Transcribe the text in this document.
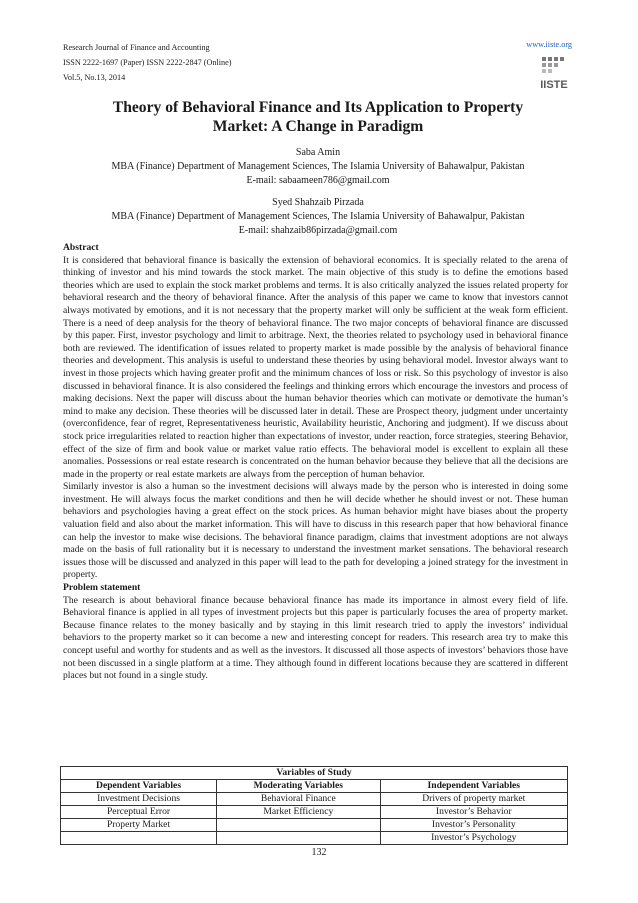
Research Journal of Finance and Accounting
ISSN 2222-1697 (Paper) ISSN 2222-2847 (Online)
Vol.5, No.13, 2014
www.iiste.org
IISTE
Theory of Behavioral Finance and Its Application to Property
Market: A Change in Paradigm
Saba Amin
MBA (Finance) Department of Management Sciences, The Islamia University of Bahawalpur, Pakistan
E-mail: sabaameen786@gmail.com
Syed Shahzaib Pirzada
MBA (Finance) Department of Management Sciences, The Islamia University of Bahawalpur, Pakistan
E-mail: shahzaib86pirzada@gmail.com
Abstract
It is considered that behavioral finance is basically the extension of behavioral economics. It is specially related to the arena of thinking of investor and his mind towards the stock market. The main objective of this study is to define the emotions based theories which are used to explain the stock market problems and terms. It is also critically analyzed the issues related property for behavioral research and the theory of behavioral finance. After the analysis of this paper we came to know that investors cannot always motivated by emotions, and it is not necessary that the property market will only be sufficient at the weak form efficient. There is a need of deep analysis for the theory of behavioral finance. The two major concepts of behavioral finance are discussed by this paper. First, investor psychology and limit to arbitrage. Next, the theories related to psychology used in behavioral finance both are reviewed. The identification of issues related to property market is made possible by the analysis of behavioral finance theories and development. This analysis is useful to understand these theories by using behavioral model. Investor always want to invest in those projects which having greater profit and the minimum chances of loss or risk. So this psychology of investor is also discussed in behavioral finance. It is also considered the feelings and thinking errors which encourage the investors and process of making decisions. Next the paper will discuss about the human behavior theories which can motivate or demotivate the human’s mind to make any decision. These theories will be discussed later in detail. These are Prospect theory, judgment under uncertainty (overconfidence, fear of regret, Representativeness heuristic, Availability heuristic, Anchoring and judgment). If we discuss about stock price irregularities related to reaction higher than expectations of investor, under reaction, force strategies, steering Behavior, effect of the size of firm and book value or market value ratio effects. The behavioral model is excellent to explain all these anomalies. Possessions or real estate research is concentrated on the human behavior because they believe that all the decisions are made in the property or real estate markets are always from the perception of human behavior.
Similarly investor is also a human so the investment decisions will always made by the person who is interested in doing some investment. He will always focus the market conditions and then he will decide whether he should invest or not. These human behaviors and psychologies having a great effect on the stock prices. As human behavior might have biases about the property valuation field and also about the market information. This will have to discuss in this research paper that how behavioral finance can help the investor to make wise decisions. The behavioral finance paradigm, claims that investment adoptions are not always made on the basis of full rationality but it is necessary to understand the investment market sensations. The behavioral research issues those will be discussed and analyzed in this paper will lead to the path for developing a joined strategy for the investment in property.
Problem statement
The research is about behavioral finance because behavioral finance has made its importance in almost every field of life. Behavioral finance is applied in all types of investment projects but this paper is particularly focuses the area of property market. Because finance relates to the money basically and by staying in this limit research tried to apply the investors’ individual behaviors to the property market so it can become a new and interesting concept for readers. This research area try to make this concept useful and worthy for students and as well as the investors. It discussed all those aspects of investors’ behaviors those have not been discussed in a single platform at a time. They although found in different locations because they are scattered in different places but not found in a single study.
Variables of Study		
Dependent Variables	Moderating Variables	Independent Variables
Investment Decisions	Behavioral Finance	Drivers of property market
Perceptual Error	Market Efficiency	Investor’s Behavior
Property Market		Investor’s Personality
		Investor’s Psychology
132
